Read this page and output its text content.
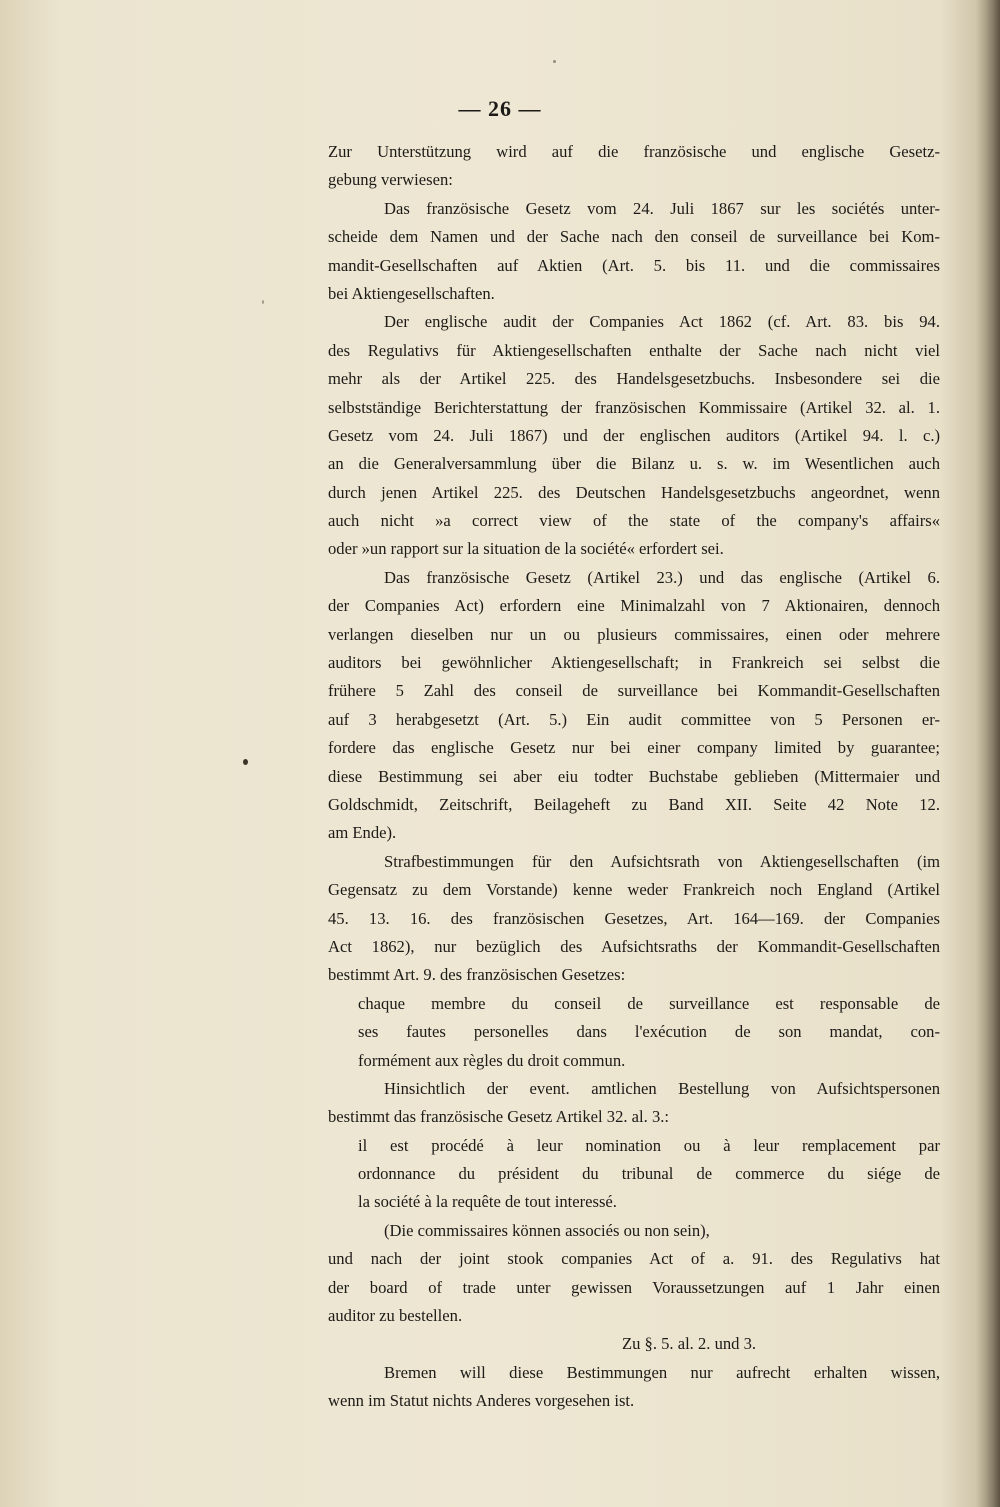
— 26 —
Zur Unterstützung wird auf die französische und englische Gesetz-
gebung verwiesen:
Das französische Gesetz vom 24. Juli 1867 sur les sociétés unter-
scheide dem Namen und der Sache nach den conseil de surveillance bei Kom-
mandit-Gesellschaften auf Aktien (Art. 5. bis 11. und die commissaires
bei Aktiengesellschaften.
Der englische audit der Companies Act 1862 (cf. Art. 83. bis 94.
des Regulativs für Aktiengesellschaften enthalte der Sache nach nicht viel
mehr als der Artikel 225. des Handelsgesetzbuchs. Insbesondere sei die
selbstständige Berichterstattung der französischen Kommissaire (Artikel 32. al. 1.
Gesetz vom 24. Juli 1867) und der englischen auditors (Artikel 94. l. c.)
an die Generalversammlung über die Bilanz u. s. w. im Wesentlichen auch
durch jenen Artikel 225. des Deutschen Handelsgesetzbuchs angeordnet, wenn
auch nicht »a correct view of the state of the company's affairs«
oder »un rapport sur la situation de la société« erfordert sei.
Das französische Gesetz (Artikel 23.) und das englische (Artikel 6.
der Companies Act) erfordern eine Minimalzahl von 7 Aktionairen, dennoch
verlangen dieselben nur un ou plusieurs commissaires, einen oder mehrere
auditors bei gewöhnlicher Aktiengesellschaft; in Frankreich sei selbst die
frühere 5 Zahl des conseil de surveillance bei Kommandit-Gesellschaften
auf 3 herabgesetzt (Art. 5.) Ein audit committee von 5 Personen er-
fordere das englische Gesetz nur bei einer company limited by guarantee;
diese Bestimmung sei aber eiu todter Buchstabe geblieben (Mittermaier und
Goldschmidt, Zeitschrift, Beilageheft zu Band XII. Seite 42 Note 12.
am Ende).
Strafbestimmungen für den Aufsichtsrath von Aktiengesellschaften (im
Gegensatz zu dem Vorstande) kenne weder Frankreich noch England (Artikel
45. 13. 16. des französischen Gesetzes, Art. 164—169. der Companies
Act 1862), nur bezüglich des Aufsichtsraths der Kommandit-Gesellschaften
bestimmt Art. 9. des französischen Gesetzes:
chaque membre du conseil de surveillance est responsable de
ses fautes personelles dans l'exécution de son mandat, con-
formément aux règles du droit commun.
Hinsichtlich der event. amtlichen Bestellung von Aufsichtspersonen
bestimmt das französische Gesetz Artikel 32. al. 3.:
il est procédé à leur nomination ou à leur remplacement par
ordonnance du président du tribunal de commerce du siége de
la société à la requête de tout interessé.
(Die commissaires können associés ou non sein),
und nach der joint stook companies Act of a. 91. des Regulativs hat
der board of trade unter gewissen Voraussetzungen auf 1 Jahr einen
auditor zu bestellen.
Zu §. 5. al. 2. und 3.
Bremen will diese Bestimmungen nur aufrecht erhalten wissen,
wenn im Statut nichts Anderes vorgesehen ist.
